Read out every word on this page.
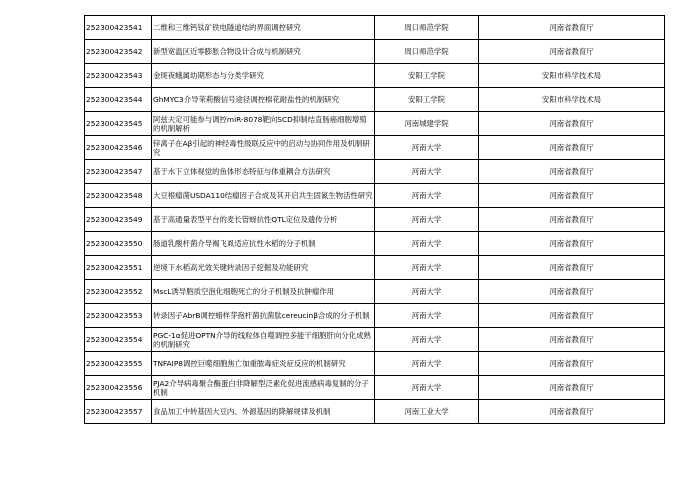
252300423541	二维和三维钙钛矿铁电隧道结的界面调控研究	周口师范学院	河南省教育厅
252300423542	新型宽温区近零膨胀合物设计合成与机制研究	周口师范学院	河南省教育厅
252300423543	金斑夜蛾属幼期形态与分类学研究	安阳工学院	安阳市科学技术局
252300423544	GhMYC3介导茉莉酸信号途径调控棉花耐盐性的机制研究	安阳工学院	安阳市科学技术局
252300423545	阿兹夫定可能参与调控miR-8078靶向SCD抑制结直肠癌细胞增殖的机制解析	河南城建学院	河南省教育厅
252300423546	锌离子在Aβ引起的神经毒性级联反应中的启动与协同作用及机制研究	河南大学	河南省教育厅
252300423547	基于水下立体视觉的鱼体形态特征与体重耦合方法研究	河南大学	河南省教育厅
252300423548	大豆根瘤菌USDA110结瘤因子合成及其开启共生固氮生物活性研究	河南大学	河南省教育厅
252300423549	基于高通量表型平台的麦长管蚜抗性QTL定位及遗传分析	河南大学	河南省教育厅
252300423550	肠道乳酸杆菌介导褐飞虱适应抗性水稻的分子机制	河南大学	河南省教育厅
252300423551	逆境下水稻高光效关键转录因子挖掘及功能研究	河南大学	河南省教育厅
252300423552	MscL诱导胞质空泡化细胞死亡的分子机制及抗肿瘤作用	河南大学	河南省教育厅
252300423553	转录因子AbrB调控蜡样芽孢杆菌抗菌肽cereucinβ合成的分子机制	河南大学	河南省教育厅
252300423554	PGC-1α促进OPTN介导的线粒体自噬调控多能干细胞肝向分化成熟的机制研究	河南大学	河南省教育厅
252300423555	TNFAIP8调控巨噬细胞焦亡加重脓毒症炎症反应的机制研究	河南大学	河南省教育厅
252300423556	PJA2介导病毒聚合酶蛋白非降解型泛素化促进流感病毒复制的分子机制	河南大学	河南省教育厅
252300423557	食品加工中转基因大豆内、外源基因的降解规律及机制	河南工业大学	河南省教育厅
